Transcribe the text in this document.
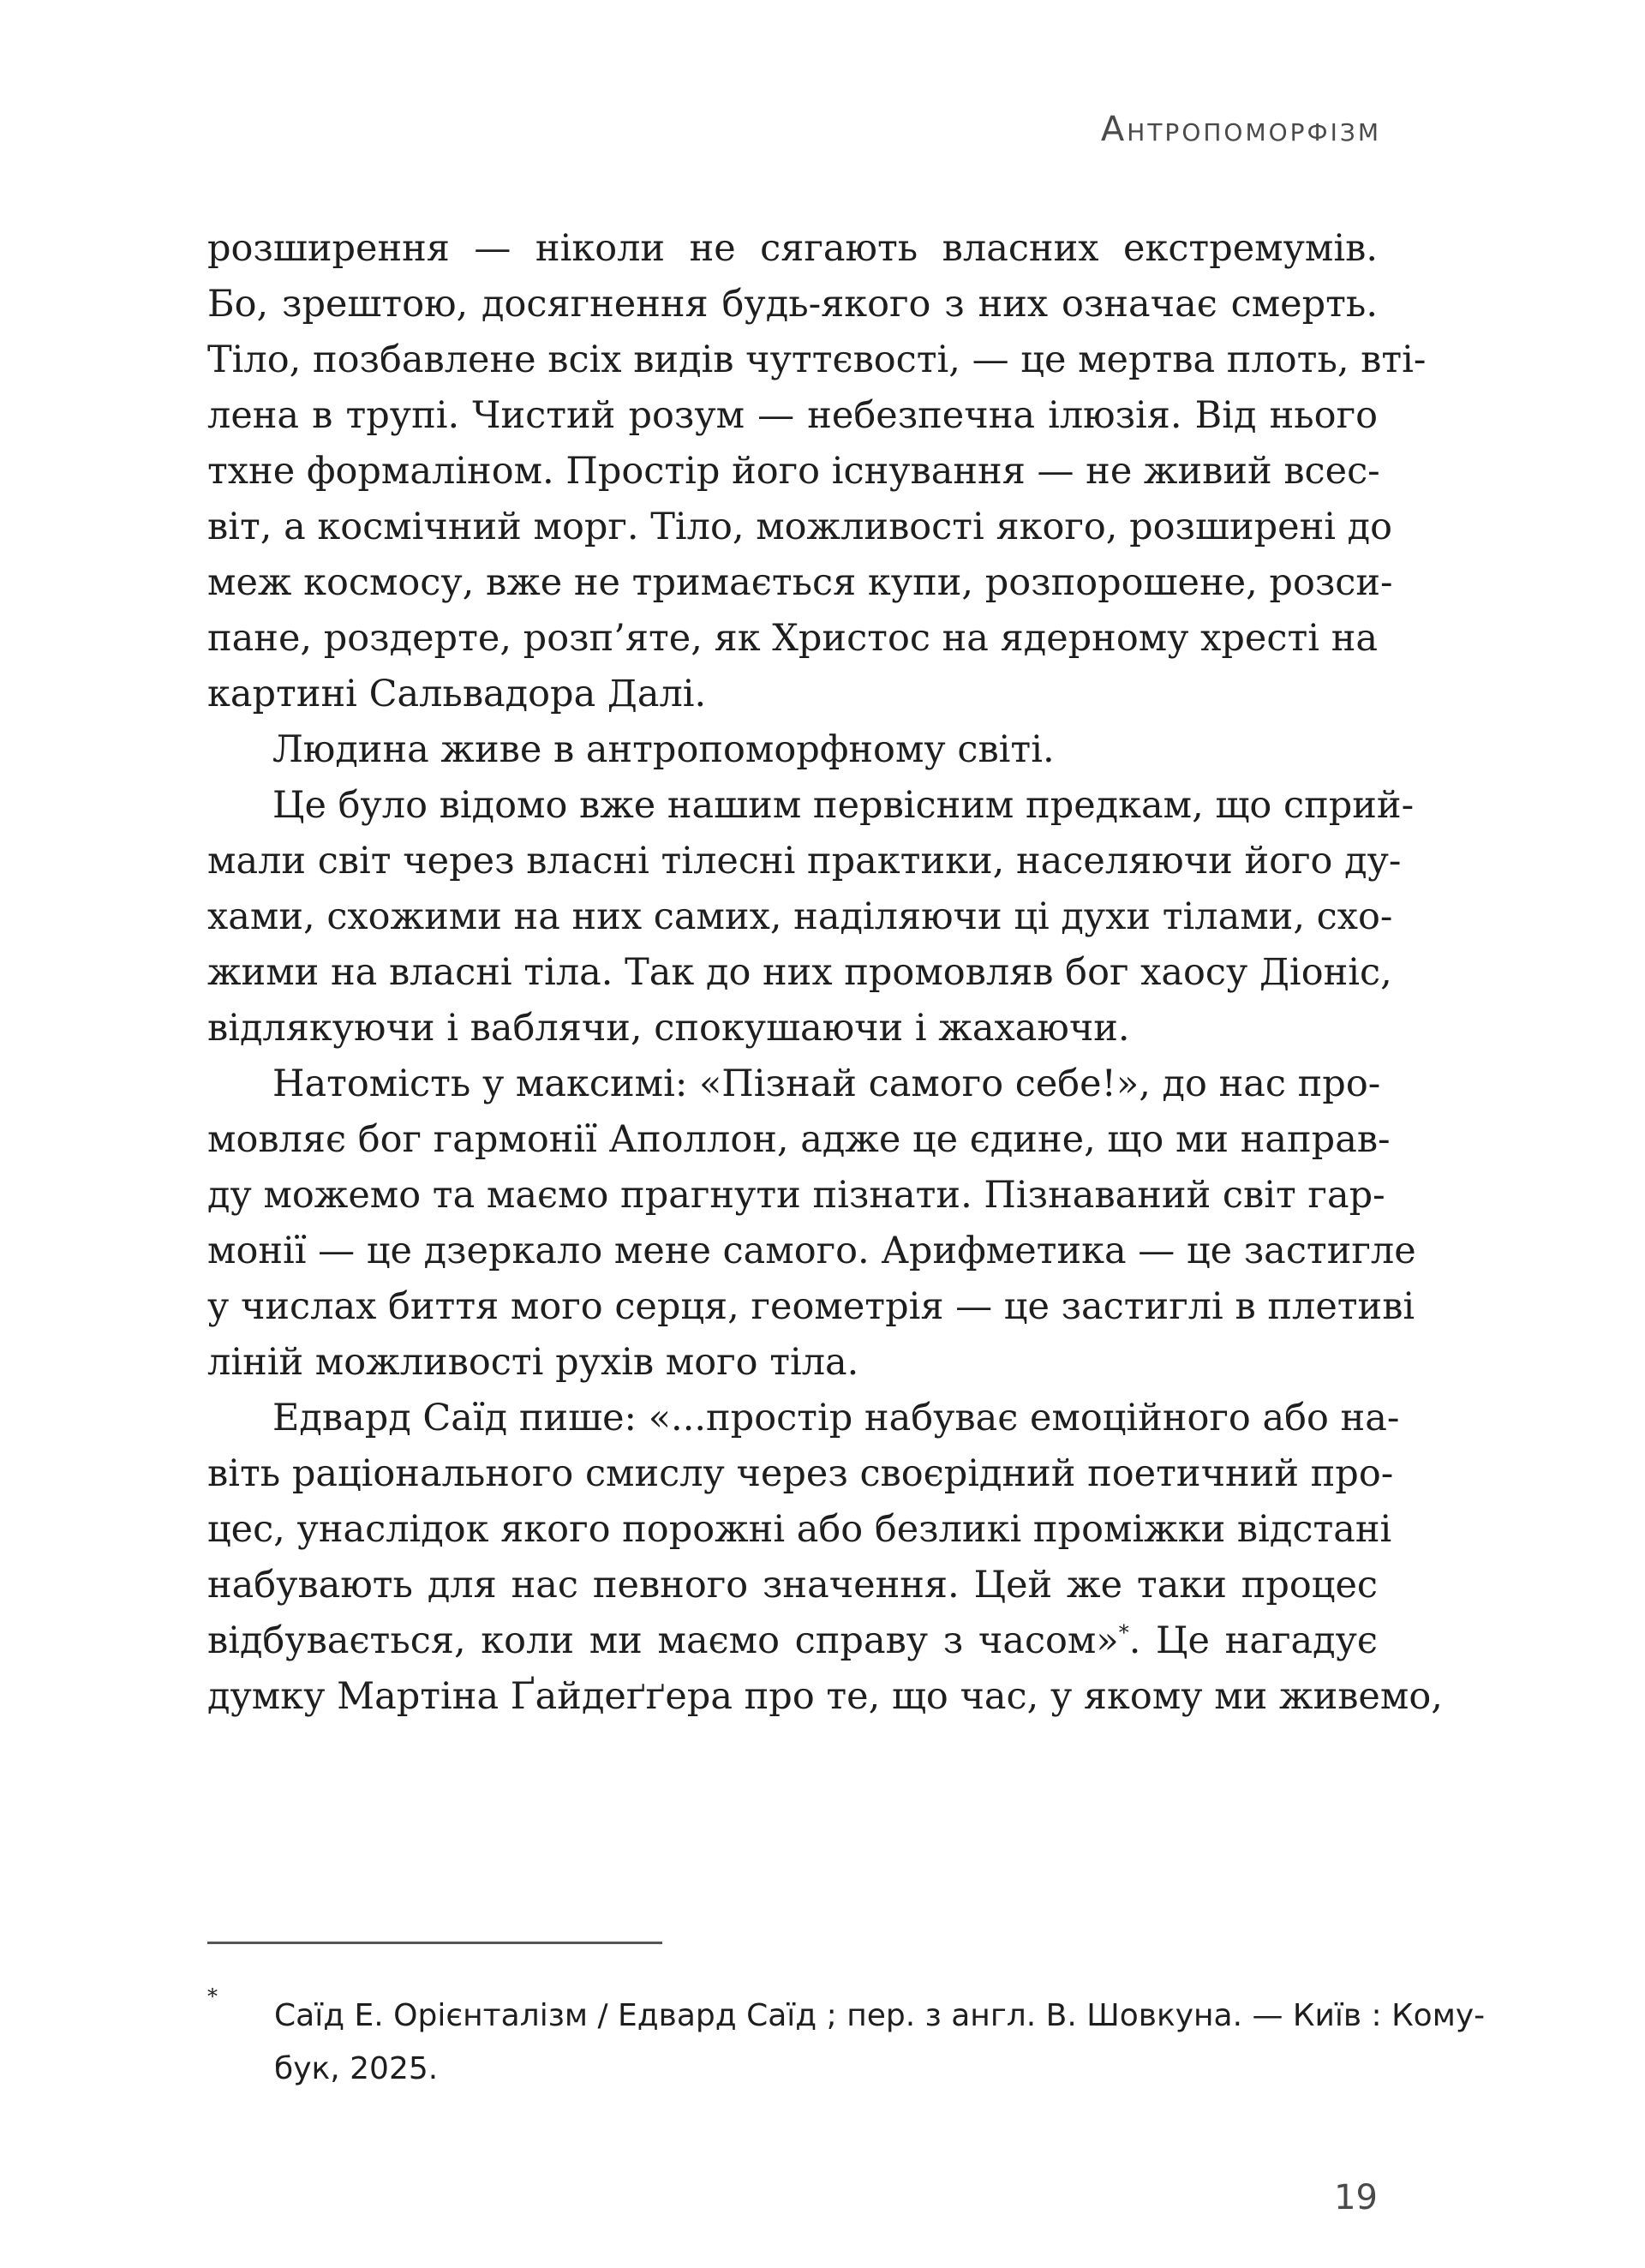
Антропоморфізм
розширення — ніколи не сягають власних екстремумів.
Бо, зрештою, досягнення будь-якого з них означає смерть.
Тіло, позбавлене всіх видів чуттєвості, — це мертва плоть, вті-
лена в трупі. Чистий розум — небезпечна ілюзія. Від нього
тхне формаліном. Простір його існування — не живий всес-
віт, а космічний морг. Тіло, можливості якого, розширені до
меж космосу, вже не тримається купи, розпорошене, розси-
пане, роздерте, розп’яте, як Христос на ядерному хресті на
картині Сальвадора Далі.
Людина живе в антропоморфному світі.
Це було відомо вже нашим первісним предкам, що сприй-
мали світ через власні тілесні практики, населяючи його ду-
хами, схожими на них самих, наділяючи ці духи тілами, схо-
жими на власні тіла. Так до них промовляв бог хаосу Діоніс,
відлякуючи і ваблячи, спокушаючи і жахаючи.
Натомість у максимі: «Пізнай самого себе!», до нас про-
мовляє бог гармонії Аполлон, адже це єдине, що ми направ-
ду можемо та маємо прагнути пізнати. Пізнаваний світ гар-
монії — це дзеркало мене самого. Арифметика — це застигле
у числах биття мого серця, геометрія — це застиглі в плетиві
ліній можливості рухів мого тіла.
Едвард Саїд пише: «...простір набуває емоційного або на-
віть раціонального смислу через своєрідний поетичний про-
цес, унаслідок якого порожні або безликі проміжки відстані
набувають для нас певного значення. Цей же таки процес
відбувається, коли ми маємо справу з часом»*. Це нагадує
думку Мартіна Ґайдеґґера про те, що час, у якому ми живемо,
*
Саїд Е. Орієнталізм / Едвард Саїд ; пер. з англ. В. Шовкуна. — Київ : Кому-
бук, 2025.
19
